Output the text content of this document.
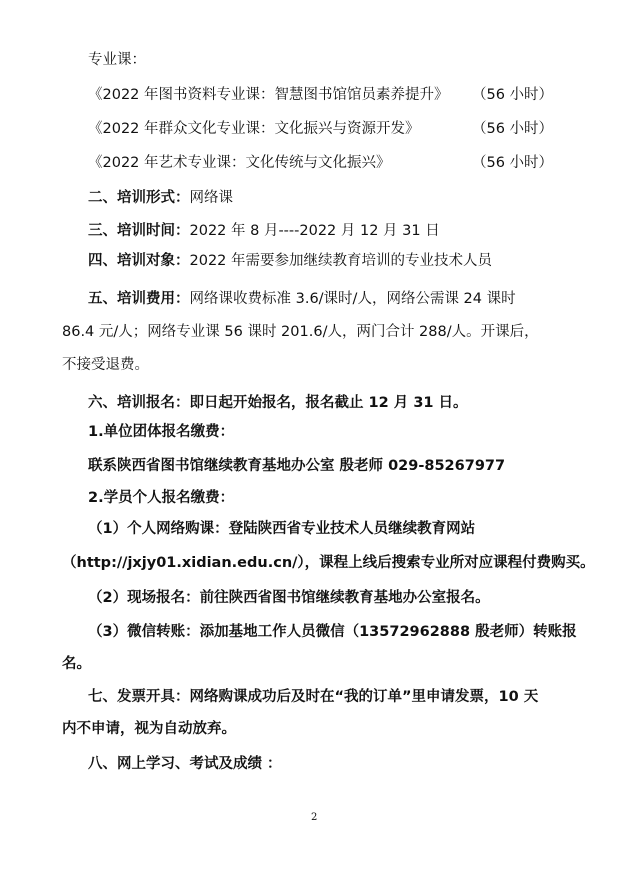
专业课：
《2022 年图书资料专业课：智慧图书馆馆员素养提升》 （56 小时）
《2022 年群众文化专业课：文化振兴与资源开发》	（56 小时）
《2022 年艺术专业课：文化传统与文化振兴》	（56 小时）
二、培训形式：网络课
三、培训时间：2022 年 8 月----2022 月 12 月 31 日
四、培训对象：2022 年需要参加继续教育培训的专业技术人员
五、培训费用：网络课收费标准 3.6/课时/人，网络公需课 24 课时
86.4 元/人；网络专业课 56 课时 201.6/人，两门合计 288/人。开课后，
不接受退费。
六、培训报名：即日起开始报名，报名截止 12 月 31 日。
1.单位团体报名缴费：
联系陕西省图书馆继续教育基地办公室 殷老师 029-85267977
2.学员个人报名缴费：
（1）个人网络购课：登陆陕西省专业技术人员继续教育网站
（http://jxjy01.xidian.edu.cn/），课程上线后搜索专业所对应课程付费购买。
（2）现场报名：前往陕西省图书馆继续教育基地办公室报名。
（3）微信转账：添加基地工作人员微信（13572962888 殷老师）转账报
名。
七、发票开具：网络购课成功后及时在“我的订单”里申请发票，10 天
内不申请，视为自动放弃。
八、网上学习、考试及成绩 ：
2
